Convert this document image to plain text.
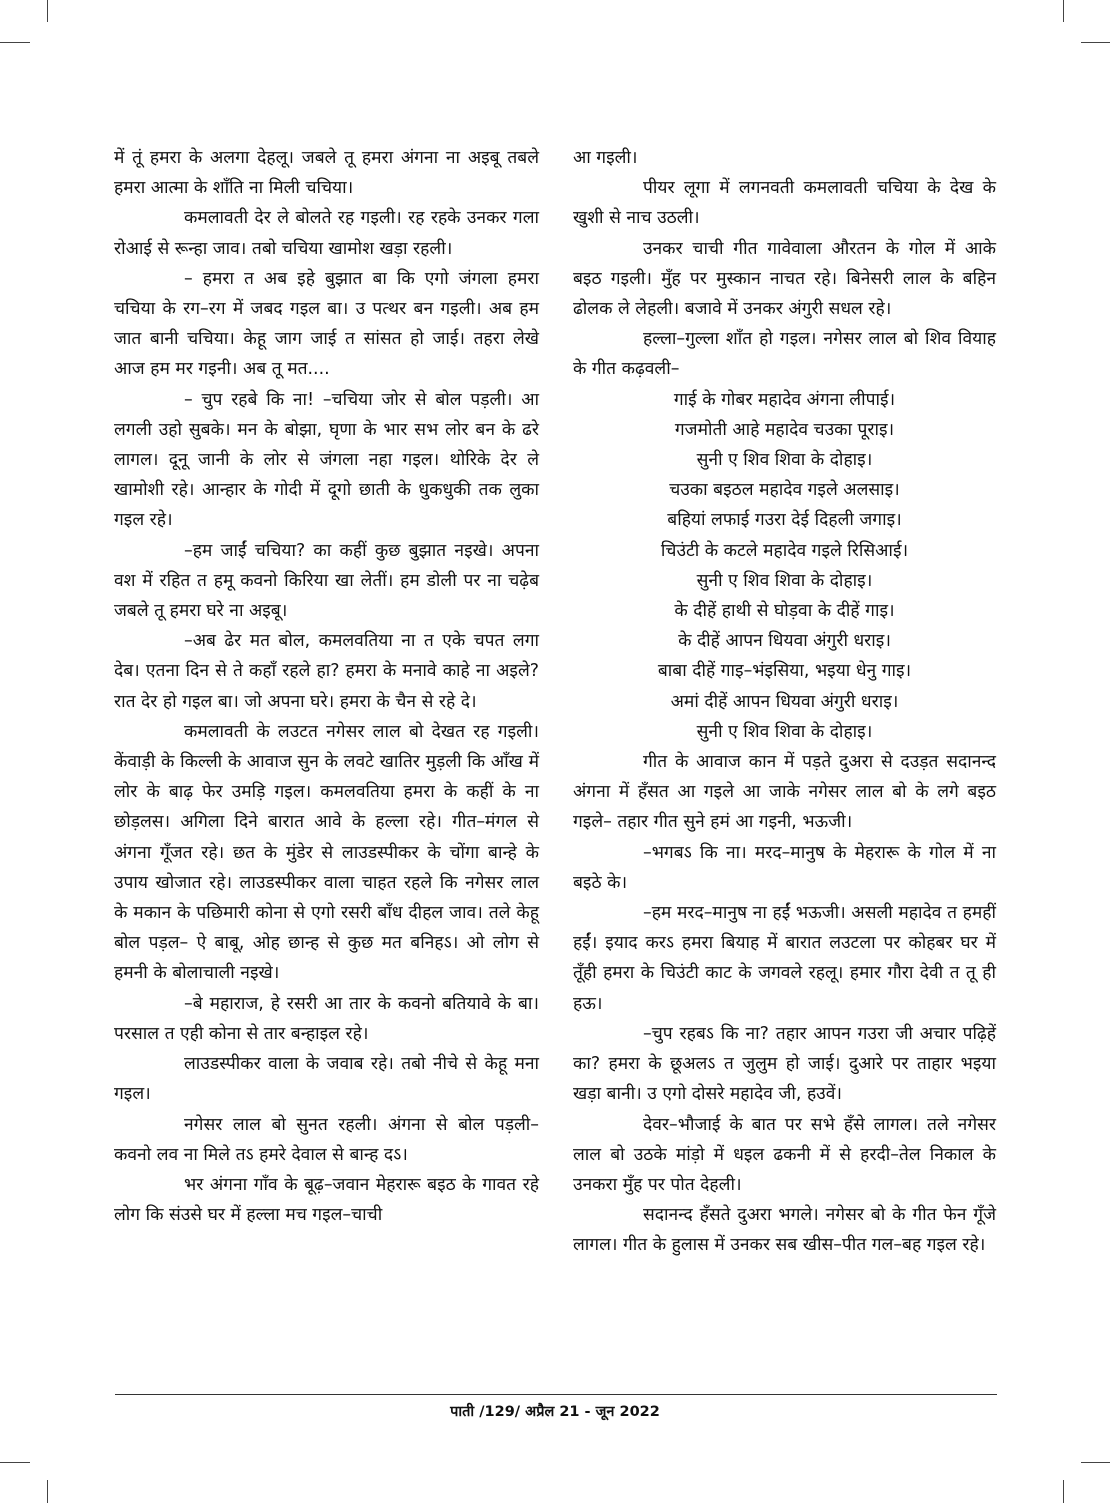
में तूं हमरा के अलगा देहलू। जबले तू हमरा अंगना ना अइबू तबले हमरा आत्मा के शाँति ना मिली चचिया।

कमलावती देर ले बोलते रह गइली। रह रहके उनकर गला रोआई से रून्हा जाव। तबो चचिया खामोश खड़ा रहली।

– हमरा त अब इहे बुझात बा कि एगो जंगला हमरा चचिया के रग–रग में जबद गइल बा। उ पत्थर बन गइली। अब हम जात बानी चचिया। केहू जाग जाई त सांसत हो जाई। तहरा लेखे आज हम मर गइनी। अब तू मत....

– चुप रहबे कि ना! –चचिया जोर से बोल पड़ली। आ लगली उहो सुबके। मन के बोझा, घृणा के भार सभ लोर बन के ढरे लागल। दूनू जानी के लोर से जंगला नहा गइल। थोरिके देर ले खामोशी रहे। आन्हार के गोदी में दूगो छाती के धुकधुकी तक लुका गइल रहे।

–हम जाईं चचिया? का कहीं कुछ बुझात नइखे। अपना वश में रहित त हमू कवनो किरिया खा लेतीं। हम डोली पर ना चढ़ेब जबले तू हमरा घरे ना अइबू।

–अब ढेर मत बोल, कमलवतिया ना त एके चपत लगा देब। एतना दिन से ते कहाँ रहले हा? हमरा के मनावे काहे ना अइले? रात देर हो गइल बा। जो अपना घरे। हमरा के चैन से रहे दे।

कमलावती के लउटत नगेसर लाल बो देखत रह गइली। केंवाड़ी के किल्ली के आवाज सुन के लवटे खातिर मुड़ली कि आँख में लोर के बाढ़ फेर उमड़ि गइल। कमलवतिया हमरा के कहीं के ना छोड़लस। अगिला दिने बारात आवे के हल्ला रहे। गीत–मंगल से अंगना गूँजत रहे। छत के मुंडेर से लाउडस्पीकर के चोंगा बान्हे के उपाय खोजात रहे। लाउडस्पीकर वाला चाहत रहले कि नगेसर लाल के मकान के पछिमारी कोना से एगो रसरी बाँध दीहल जाव। तले केहू बोल पड़ल– ऐ बाबू, ओह छान्ह से कुछ मत बनिहऽ। ओ लोग से हमनी के बोलाचाली नइखे।

–बे महाराज, हे रसरी आ तार के कवनो बतियावे के बा। परसाल त एही कोना से तार बन्हाइल रहे।

लाउडस्पीकर वाला के जवाब रहे। तबो नीचे से केहू मना गइल।

नगेसर लाल बो सुनत रहली। अंगना से बोल पड़ली– कवनो लव ना मिले तऽ हमरे देवाल से बान्ह दऽ।

भर अंगना गाँव के बूढ़–जवान मेहरारू बइठ के गावत रहे लोग कि संउसे घर में हल्ला मच गइल–चाची

आ गइली।

पीयर लूगा में लगनवती कमलावती चचिया के देख के खुशी से नाच उठली।

उनकर चाची गीत गावेवाला औरतन के गोल में आके बइठ गइली। मुँह पर मुस्कान नाचत रहे। बिनेसरी लाल के बहिन ढोलक ले लेहली। बजावे में उनकर अंगुरी सधल रहे।

हल्ला–गुल्ला शाँत हो गइल। नगेसर लाल बो शिव वियाह के गीत कढ़वली–

गाई के गोबर महादेव अंगना लीपाई।

गजमोती आहे महादेव चउका पूराइ।

सुनी ए शिव शिवा के दोहाइ।

चउका बइठल महादेव गइले अलसाइ।

बहियां लफाई गउरा देई दिहली जगाइ।

चिउंटी के कटले महादेव गइले रिसिआई।

सुनी ए शिव शिवा के दोहाइ।

के दीहें हाथी से घोड़वा के दीहें गाइ।

के दीहें आपन धियवा अंगुरी धराइ।

बाबा दीहें गाइ–भंइसिया, भइया धेनु गाइ।

अमां दीहें आपन धियवा अंगुरी धराइ।

सुनी ए शिव शिवा के दोहाइ।

गीत के आवाज कान में पड़ते दुअरा से दउड़त सदानन्द अंगना में हँसत आ गइले आ जाके नगेसर लाल बो के लगे बइठ गइले– तहार गीत सुने हमं आ गइनी, भऊजी।

–भगबऽ कि ना। मरद–मानुष के मेहरारू के गोल में ना बइठे के।

–हम मरद–मानुष ना हईं भऊजी। असली महादेव त हमहीं हईं। इयाद करऽ हमरा बियाह में बारात लउटला पर कोहबर घर में तूँही हमरा के चिउंटी काट के जगवले रहलू। हमार गौरा देवी त तू ही हऊ।

–चुप रहबऽ कि ना? तहार आपन गउरा जी अचार पढ़िहें का? हमरा के छूअलऽ त जुलुम हो जाई। दुआरे पर ताहार भइया खड़ा बानी। उ एगो दोसरे महादेव जी, हउवें।

देवर–भौजाई के बात पर सभे हँसे लागल। तले नगेसर लाल बो उठके मांड़ो में धइल ढकनी में से हरदी–तेल निकाल के उनकरा मुँह पर पोत देहली।

सदानन्द हँसते दुअरा भगले। नगेसर बो के गीत फेन गूँजे लागल। गीत के हुलास में उनकर सब खीस–पीत गल–बह गइल रहे।

पाती /129/ अप्रैल 21 - जून 2022
